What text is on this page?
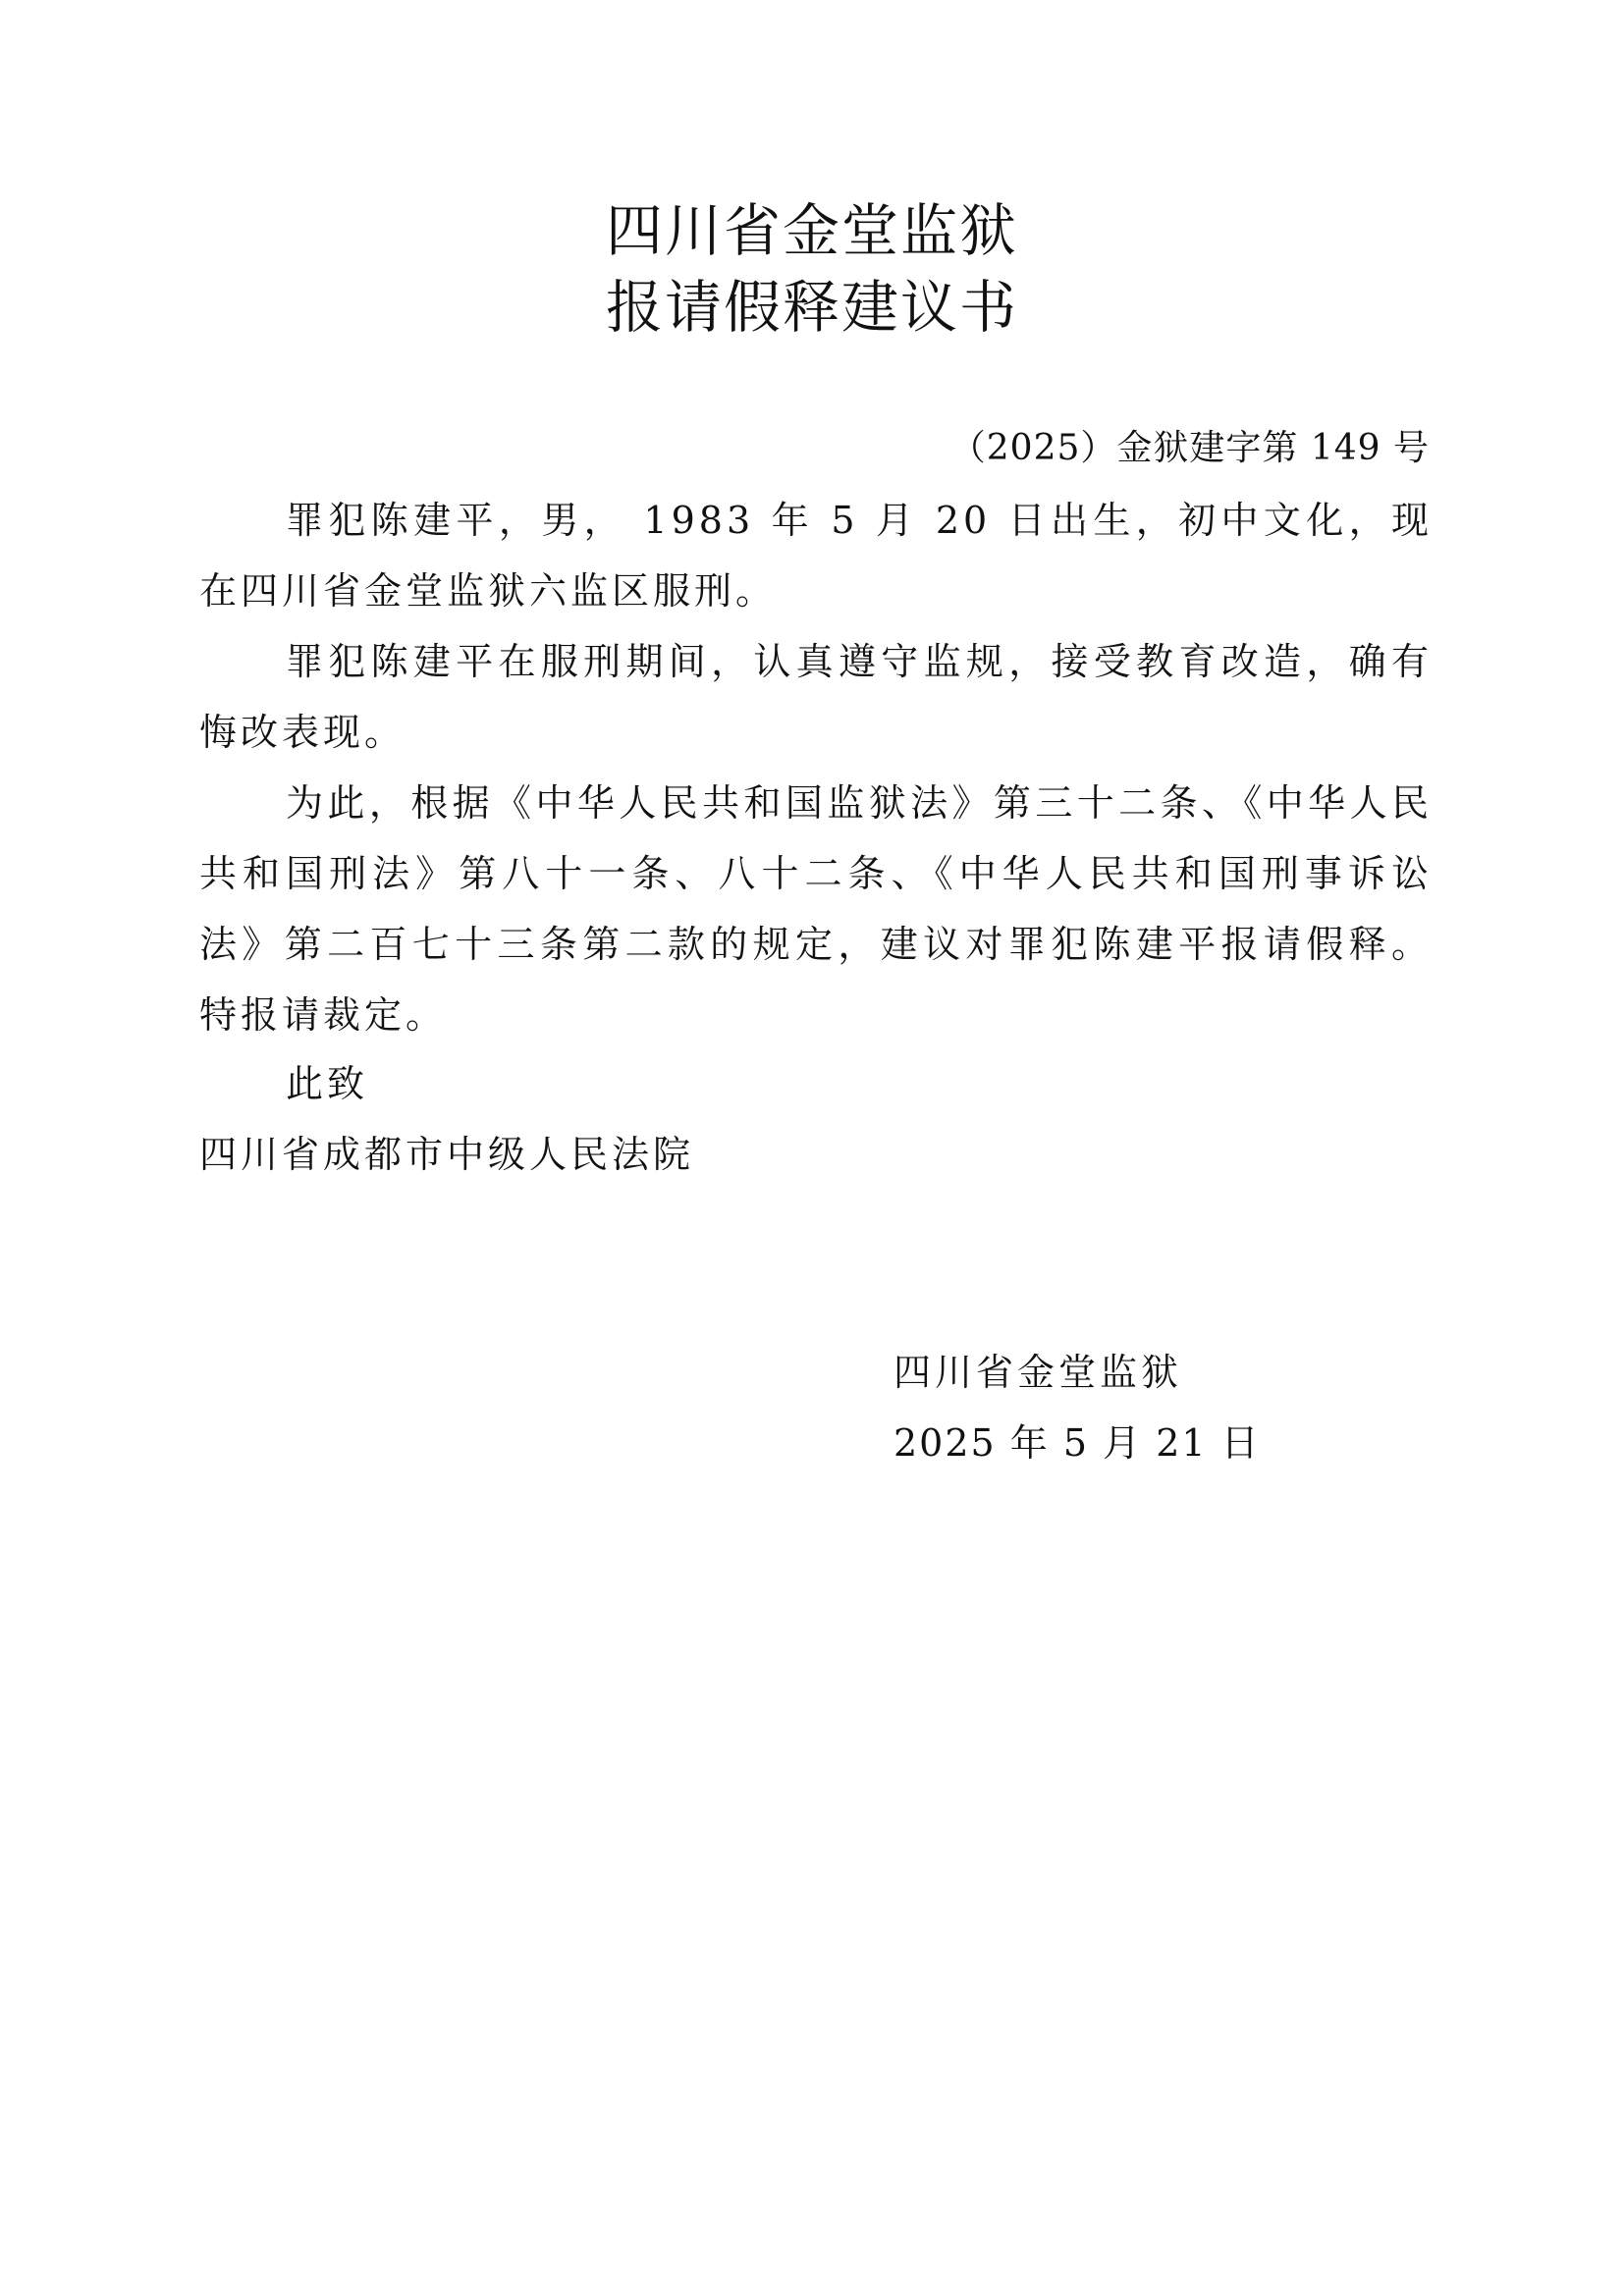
四川省金堂监狱
报请假释建议书
（2025）金狱建字第 149 号

罪犯陈建平，男， 1983 年 5 月 20 日出生，初中文化，现在四川省金堂监狱六监区服刑。

罪犯陈建平在服刑期间，认真遵守监规，接受教育改造，确有悔改表现。

为此，根据《中华人民共和国监狱法》第三十二条、《中华人民共和国刑法》第八十一条、八十二条、《中华人民共和国刑事诉讼法》第二百七十三条第二款的规定，建议对罪犯陈建平报请假释。特报请裁定。

此致
四川省成都市中级人民法院
四川省金堂监狱
2025 年 5 月 21 日
